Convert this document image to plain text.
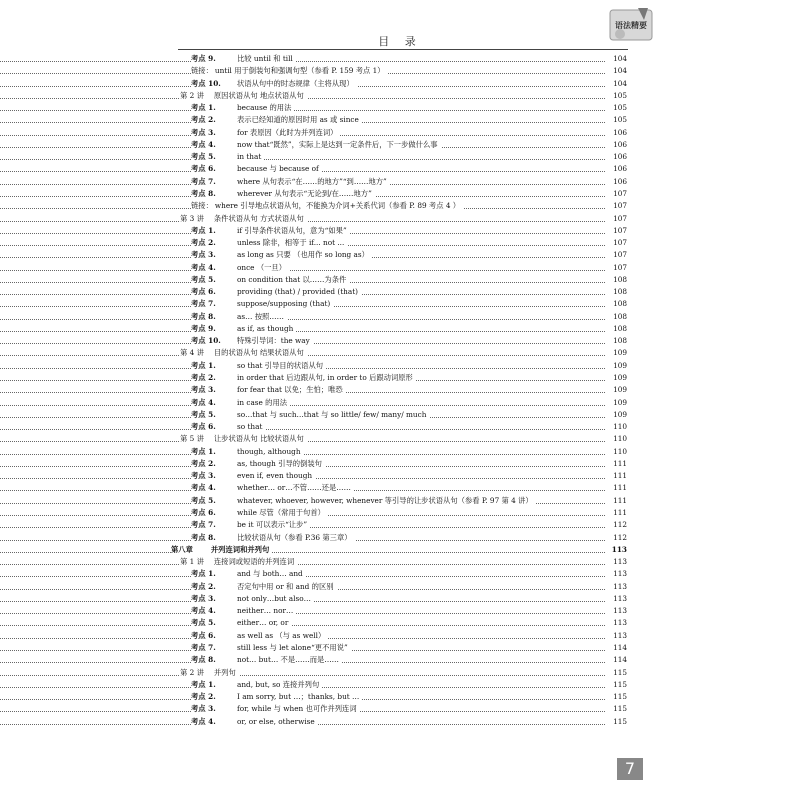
目 录
语法精要
考点 9.	比较 until 和 till	104
链接： until 用于倒装句和强调句型（参看 P. 159 考点 1）	104
考点 10. 状语从句中的时态规律（主将从现）	104
第 2 讲 原因状语从句 地点状语从句	105
考点 1.	because 的用法	105
考点 2.	表示已经知道的原因时用 as 或 since	105
考点 3.	for 表原因（此时为并列连词）	106
考点 4.	now that“既然”，实际上是达到一定条件后，下一步做什么事	106
考点 5.	in that	106
考点 6.	because 与 because of	106
考点 7.	where 从句表示“在……的地方”“到……地方”	106
考点 8.	wherever 从句表示“无论到/在……地方”	107
链接： where 引导地点状语从句，不能换为介词+关系代词（参看 P. 89 考点 4 ）	107
第 3 讲 条件状语从句 方式状语从句	107
考点 1.	if 引导条件状语从句，意为“如果”	107
考点 2.	unless 除非，相等于 if... not ...	107
考点 3.	as long as 只要 （也用作 so long as）	107
考点 4.	once （一旦）	107
考点 5.	on condition that 以……为条件	108
考点 6.	providing (that) / provided (that)	108
考点 7.	suppose/supposing (that)	108
考点 8.	as… 按照……	108
考点 9.	as if, as though	108
考点 10. 特殊引导词：the way	108
第 4 讲 目的状语从句 结果状语从句	109
考点 1.	so that 引导目的状语从句	109
考点 2.	in order that 后边跟从句, in order to 后跟动词原形	109
考点 3.	for fear that 以免；生怕；唯恐	109
考点 4.	in case 的用法	109
考点 5.	so…that 与 such…that 与 so little/ few/ many/ much	109
考点 6.	so that	110
第 5 讲 让步状语从句 比较状语从句	110
考点 1.	though, although	110
考点 2.	as, though 引导的倒装句	111
考点 3.	even if, even though	111
考点 4.	whether… or…不管……还是……	111
考点 5.	whatever, whoever, however, whenever 等引导的让步状语从句（参看 P. 97 第 4 讲）	111
考点 6.	while 尽管（常用于句首）	111
考点 7.	be it 可以表示“让步”	112
考点 8.	比较状语从句（参看 P.36 第三章）	112
第八章 并列连词和并列句	113
第 1 讲 连接词或短语的并列连词	113
考点 1.	and 与 both… and	113
考点 2.	否定句中用 or 和 and 的区别	113
考点 3.	not only…but also…	113
考点 4.	neither… nor…	113
考点 5.	either… or, or	113
考点 6.	as well as （与 as well）	113
考点 7.	still less 与 let alone“更不用说”	114
考点 8.	not… but… 不是……而是……	114
第 2 讲 并列句	115
考点 1.	and, but, so 连接并列句	115
考点 2.	I am sorry, but …；thanks, but …	115
考点 3.	for, while 与 when 也可作并列连词	115
考点 4.	or, or else, otherwise	115
7
